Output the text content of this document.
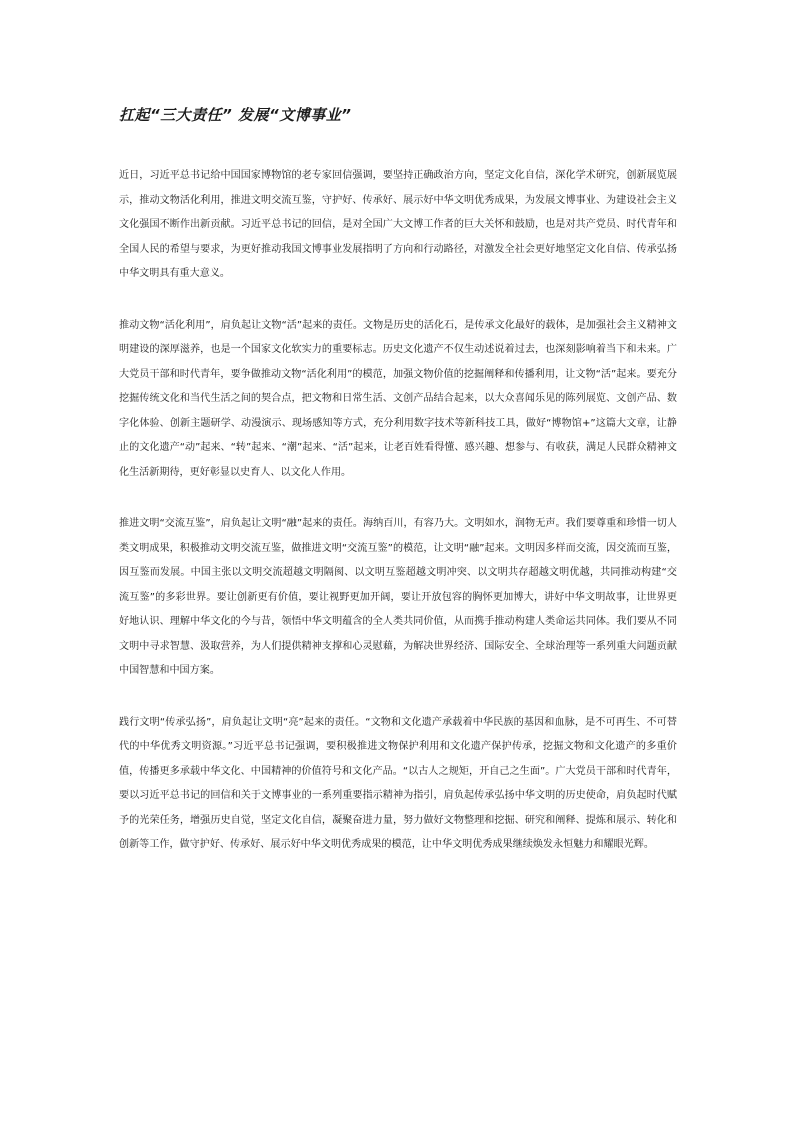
扛起“三大责任” 发展“文博事业”

近日，习近平总书记给中国国家博物馆的老专家回信强调，要坚持正确政治方向，坚定文化自信，深化学术研究，创新展览展示，推动文物活化利用，推进文明交流互鉴，守护好、传承好、展示好中华文明优秀成果，为发展文博事业、为建设社会主义文化强国不断作出新贡献。习近平总书记的回信，是对全国广大文博工作者的巨大关怀和鼓励，也是对共产党员、时代青年和全国人民的希望与要求，为更好推动我国文博事业发展指明了方向和行动路径，对激发全社会更好地坚定文化自信、传承弘扬中华文明具有重大意义。

推动文物“活化利用”，肩负起让文物“活”起来的责任。文物是历史的活化石，是传承文化最好的载体，是加强社会主义精神文明建设的深厚滋养，也是一个国家文化软实力的重要标志。历史文化遗产不仅生动述说着过去，也深刻影响着当下和未来。广大党员干部和时代青年，要争做推动文物“活化利用”的模范，加强文物价值的挖掘阐释和传播利用，让文物“活”起来。要充分挖掘传统文化和当代生活之间的契合点，把文物和日常生活、文创产品结合起来，以大众喜闻乐见的陈列展览、文创产品、数字化体验、创新主题研学、动漫演示、现场感知等方式，充分利用数字技术等新科技工具，做好“博物馆+”这篇大文章，让静止的文化遗产“动”起来、“转”起来、“潮”起来、“活”起来，让老百姓看得懂、感兴趣、想参与、有收获，满足人民群众精神文化生活新期待，更好彰显以史育人、以文化人作用。

推进文明“交流互鉴”，肩负起让文明“融”起来的责任。海纳百川，有容乃大。文明如水，润物无声。我们要尊重和珍惜一切人类文明成果，积极推动文明交流互鉴，做推进文明“交流互鉴”的模范，让文明“融”起来。文明因多样而交流，因交流而互鉴，因互鉴而发展。中国主张以文明交流超越文明隔阂、以文明互鉴超越文明冲突、以文明共存超越文明优越，共同推动构建“交流互鉴”的多彩世界。要让创新更有价值，要让视野更加开阔，要让开放包容的胸怀更加博大，讲好中华文明故事，让世界更好地认识、理解中华文化的今与昔，领悟中华文明蕴含的全人类共同价值，从而携手推动构建人类命运共同体。我们要从不同文明中寻求智慧、汲取营养，为人们提供精神支撑和心灵慰藉，为解决世界经济、国际安全、全球治理等一系列重大问题贡献中国智慧和中国方案。

践行文明“传承弘扬”，肩负起让文明“亮”起来的责任。“文物和文化遗产承载着中华民族的基因和血脉，是不可再生、不可替代的中华优秀文明资源。”习近平总书记强调，要积极推进文物保护利用和文化遗产保护传承，挖掘文物和文化遗产的多重价值，传播更多承载中华文化、中国精神的价值符号和文化产品。“以古人之规矩，开自己之生面”。广大党员干部和时代青年，要以习近平总书记的回信和关于文博事业的一系列重要指示精神为指引，肩负起传承弘扬中华文明的历史使命，肩负起时代赋予的光荣任务，增强历史自觉，坚定文化自信，凝聚奋进力量，努力做好文物整理和挖掘、研究和阐释、提炼和展示、转化和创新等工作，做守护好、传承好、展示好中华文明优秀成果的模范，让中华文明优秀成果继续焕发永恒魅力和耀眼光辉。
